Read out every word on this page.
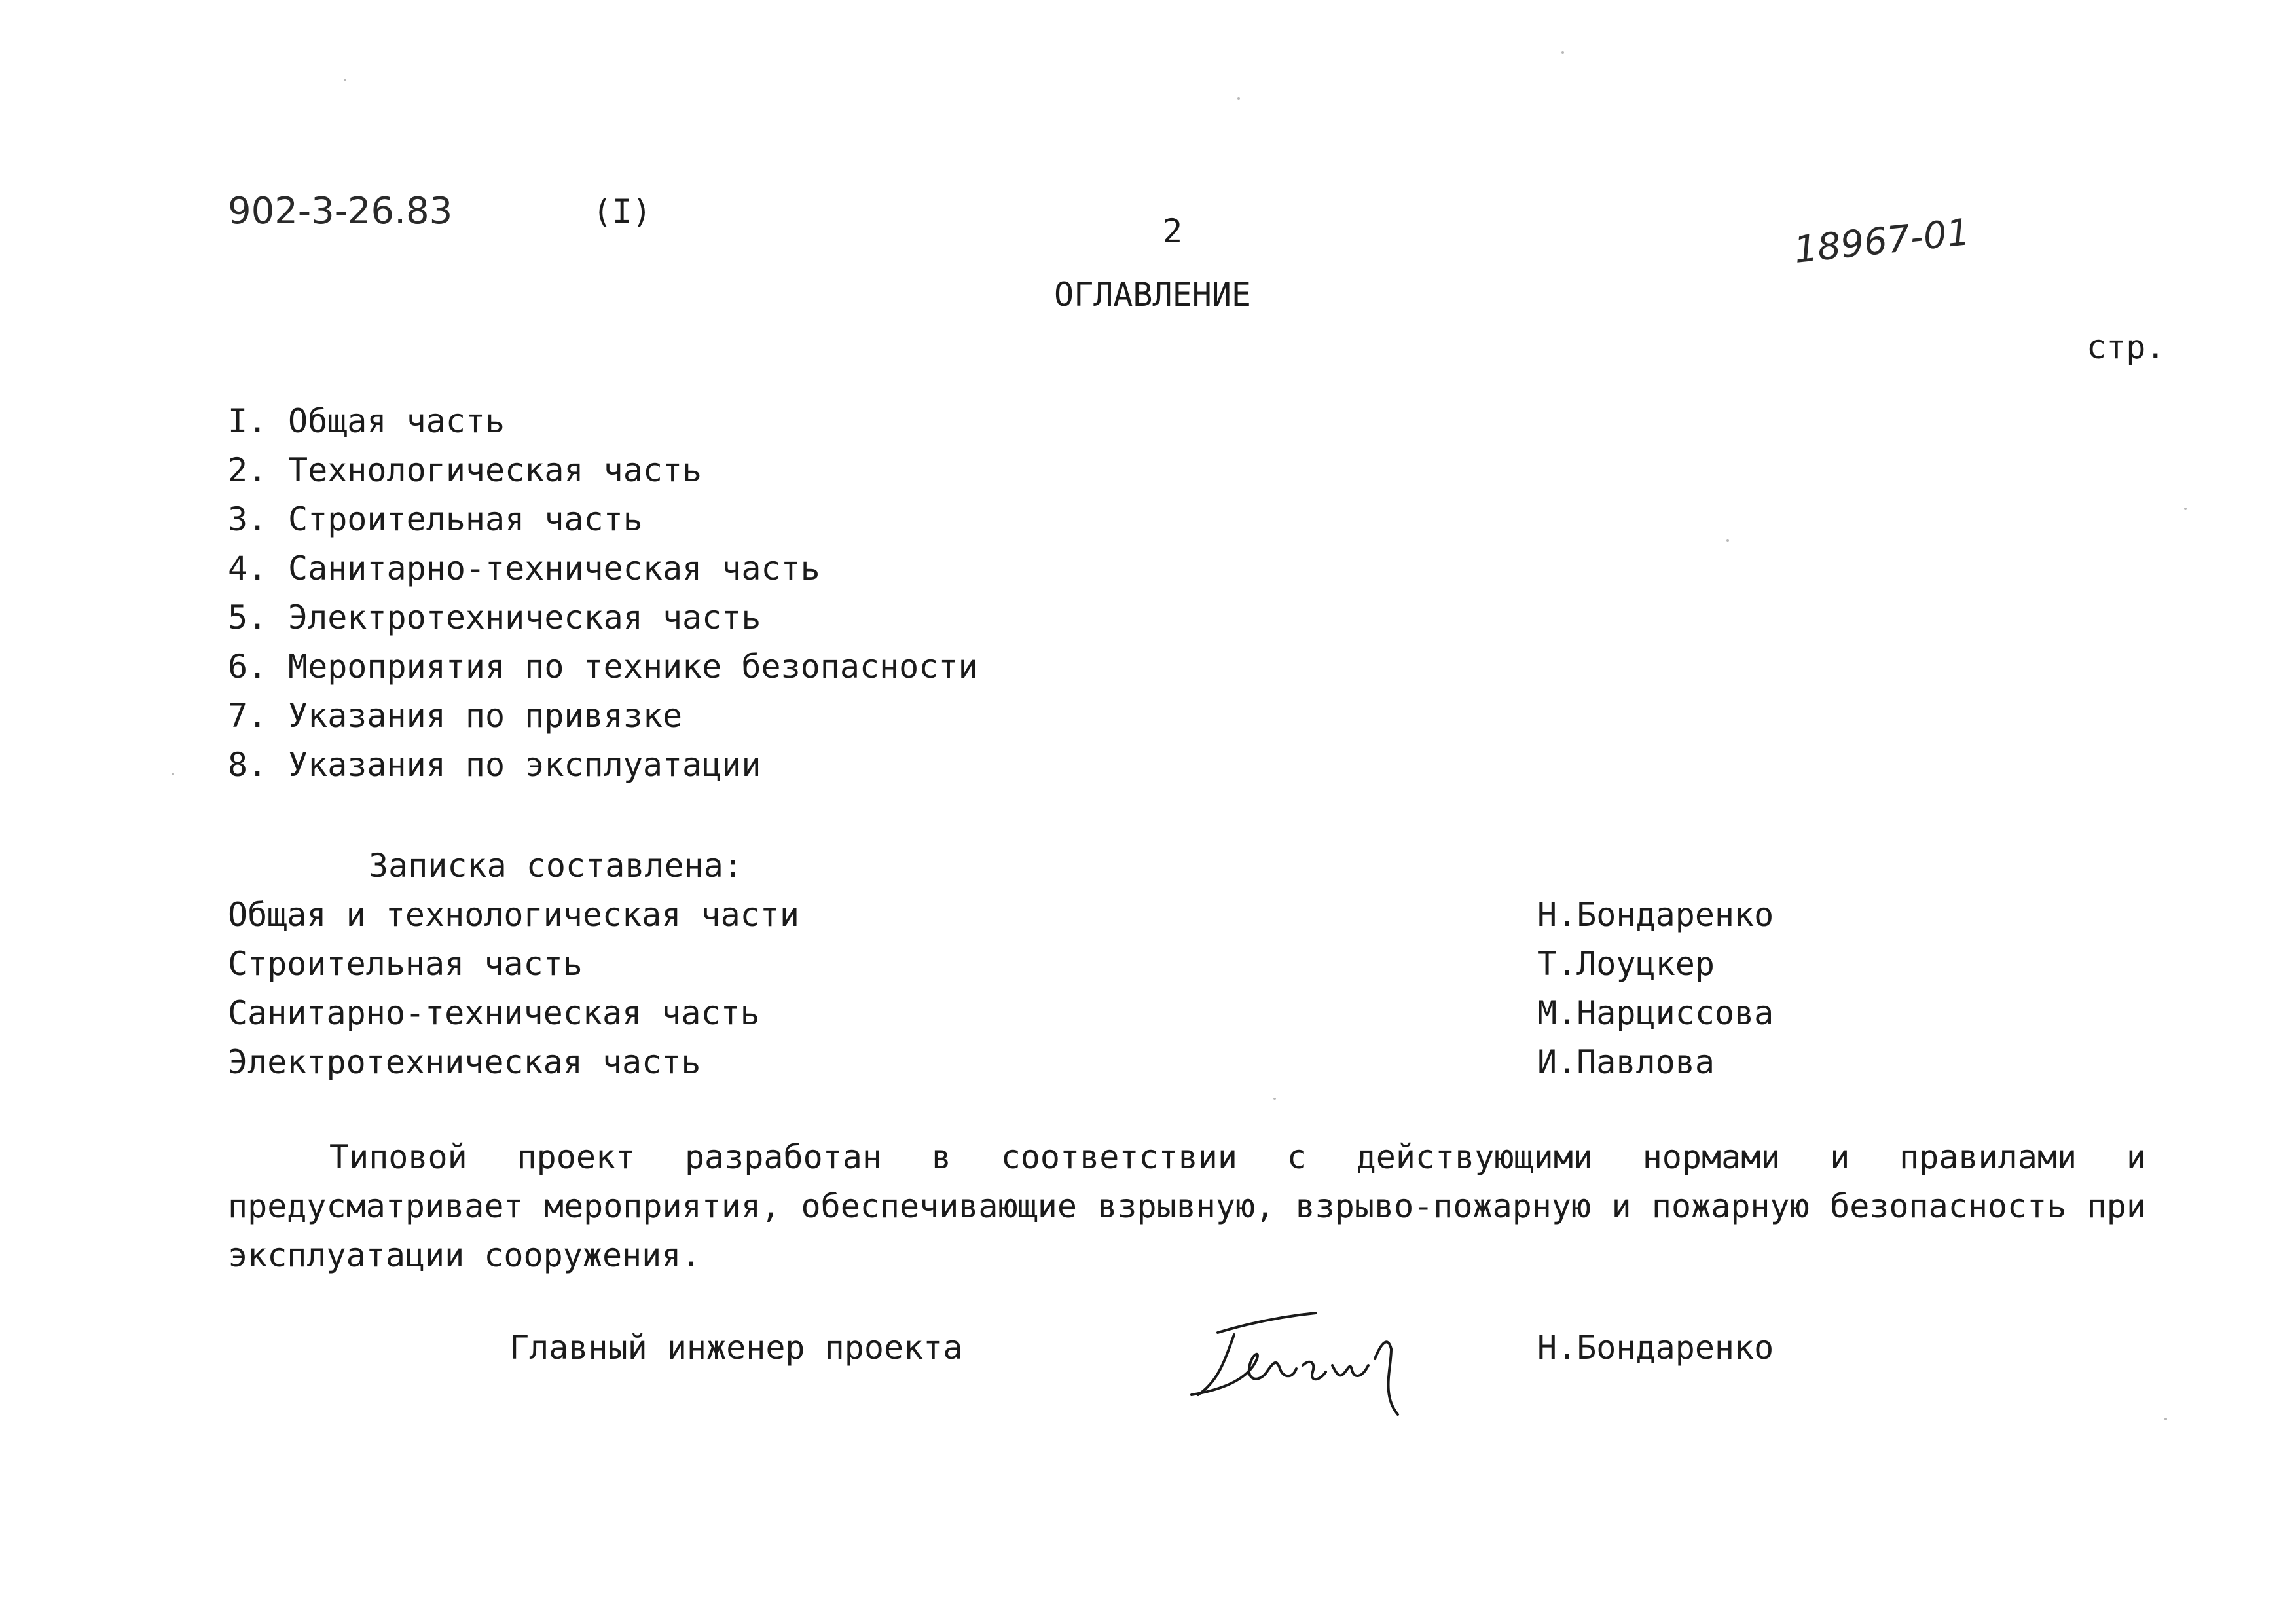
902-3-26.83	(I)
2	18967-01
ОГЛАВЛЕНИЕ
стр.
I. Общая часть
2. Технологическая часть
3. Строительная часть
4. Санитарно-техническая часть
5. Электротехническая часть
6. Мероприятия по технике безопасности
7. Указания по привязке
8. Указания по эксплуатации
Записка составлена:
Общая и технологическая части	Н.Бондаренко
Строительная часть	Т.Лоуцкер
Санитарно-техническая часть	М.Нарциссова
Электротехническая часть	И.Павлова
Типовой проект разработан в соответствии с действующими нормами и правилами и предусматривает мероприятия, обеспечивающие взрывную, взрыво-пожарную и пожарную безопасность при эксплуатации сооружения.
Главный инженер проекта	Н.Бондаренко
